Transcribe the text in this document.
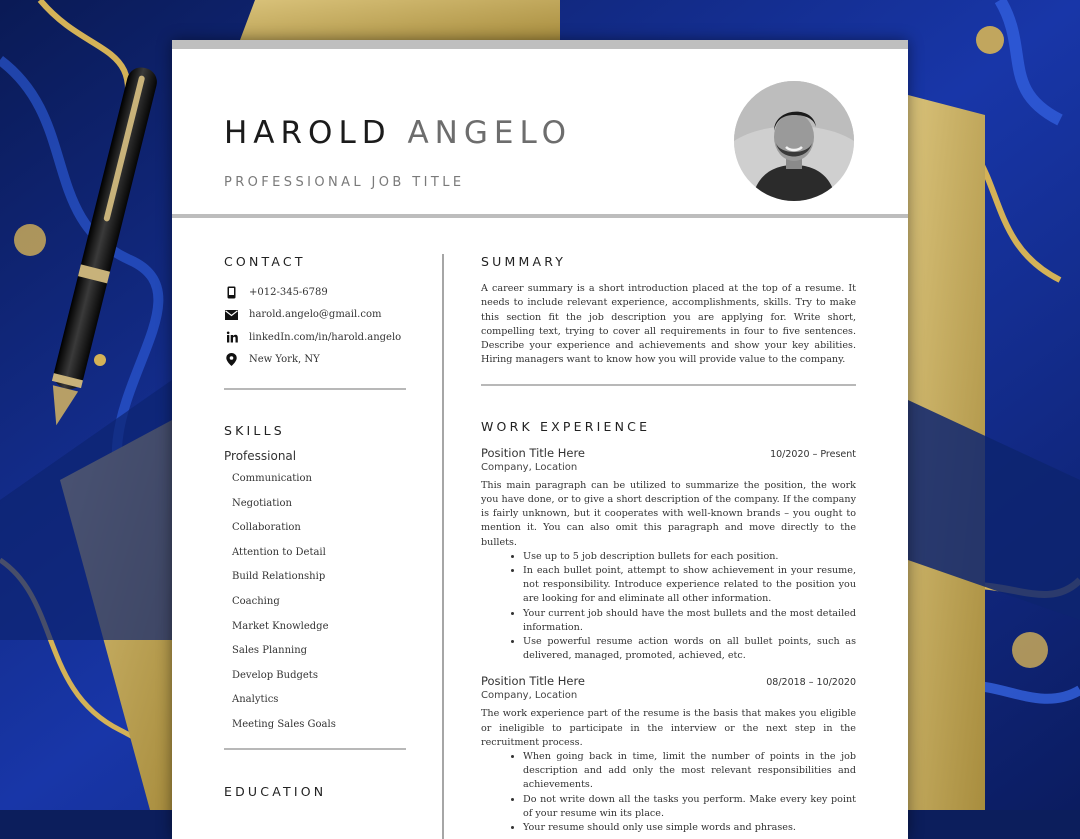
HAROLD ANGELO
PROFESSIONAL JOB TITLE
CONTACT
+012-345-6789
harold.angelo@gmail.com
linkedIn.com/in/harold.angelo
New York, NY
SKILLS
Professional
Communication
Negotiation
Collaboration
Attention to Detail
Build Relationship
Coaching
Market Knowledge
Sales Planning
Develop Budgets
Analytics
Meeting Sales Goals
EDUCATION
SUMMARY
A career summary is a short introduction placed at the top of a resume. It needs to include relevant experience, accomplishments, skills. Try to make this section fit the job description you are applying for. Write short, compelling text, trying to cover all requirements in four to five sentences. Describe your experience and achievements and show your key abilities. Hiring managers want to know how you will provide value to the company.
WORK EXPERIENCE
Position Title Here	10/2020 – Present
Company, Location
This main paragraph can be utilized to summarize the position, the work you have done, or to give a short description of the company. If the company is fairly unknown, but it cooperates with well-known brands – you ought to mention it. You can also omit this paragraph and move directly to the bullets.
• Use up to 5 job description bullets for each position.
• In each bullet point, attempt to show achievement in your resume, not responsibility. Introduce experience related to the position you are looking for and eliminate all other information.
• Your current job should have the most bullets and the most detailed information.
• Use powerful resume action words on all bullet points, such as delivered, managed, promoted, achieved, etc.
Position Title Here	08/2018 – 10/2020
Company, Location
The work experience part of the resume is the basis that makes you eligible or ineligible to participate in the interview or the next step in the recruitment process.
• When going back in time, limit the number of points in the job description and add only the most relevant responsibilities and achievements.
• Do not write down all the tasks you perform. Make every key point of your resume win its place.
• Your resume should only use simple words and phrases.
